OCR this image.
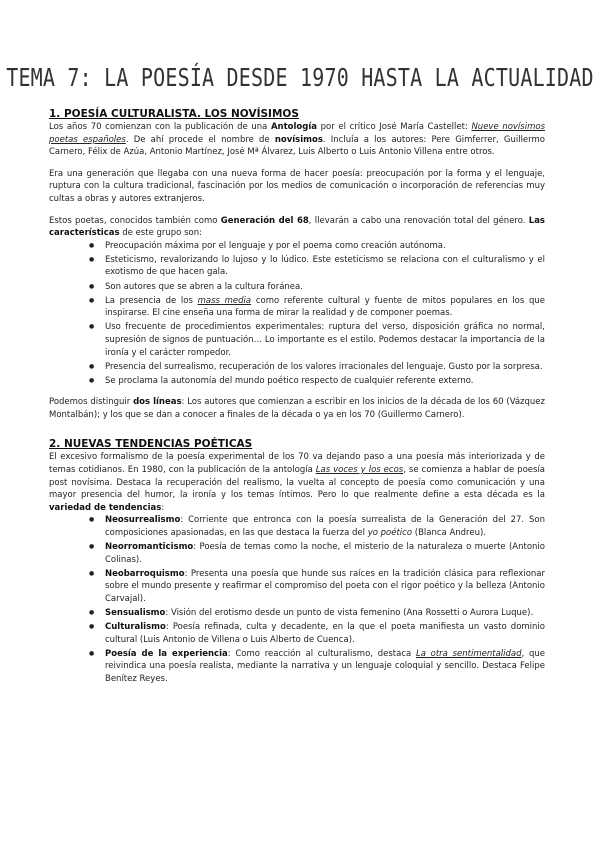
TEMA 7: LA POESÍA DESDE 1970 HASTA LA ACTUALIDAD
1. POESÍA CULTURALISTA. LOS NOVÍSIMOS

Los años 70 comienzan con la publicación de una Antología por el crítico José María Castellet: Nueve novísimos poetas españoles. De ahí procede el nombre de novísimos. Incluía a los autores: Pere Gimferrer, Guillermo Carnero, Félix de Azúa, Antonio Martínez, José Mª Álvarez, Luis Alberto o Luis Antonio Villena entre otros.

Era una generación que llegaba con una nueva forma de hacer poesía: preocupación por la forma y el lenguaje, ruptura con la cultura tradicional, fascinación por los medios de comunicación o incorporación de referencias muy cultas a obras y autores extranjeros.

Estos poetas, conocidos también como Generación del 68, llevarán a cabo una renovación total del género. Las características de este grupo son:

● Preocupación máxima por el lenguaje y por el poema como creación autónoma.
● Esteticismo, revalorizando lo lujoso y lo lúdico. Este esteticismo se relaciona con el culturalismo y el exotismo de que hacen gala.
● Son autores que se abren a la cultura foránea.
● La presencia de los mass media como referente cultural y fuente de mitos populares en los que inspirarse. El cine enseña una forma de mirar la realidad y de componer poemas.
● Uso frecuente de procedimientos experimentales: ruptura del verso, disposición gráfica no normal, supresión de signos de puntuación… Lo importante es el estilo. Podemos destacar la importancia de la ironía y el carácter rompedor.
● Presencia del surrealismo, recuperación de los valores irracionales del lenguaje. Gusto por la sorpresa.
● Se proclama la autonomía del mundo poético respecto de cualquier referente externo.

Podemos distinguir dos líneas: Los autores que comienzan a escribir en los inicios de la década de los 60 (Vázquez Montalbán); y los que se dan a conocer a finales de la década o ya en los 70 (Guillermo Carnero).

2. NUEVAS TENDENCIAS POÉTICAS

El excesivo formalismo de la poesía experimental de los 70 va dejando paso a una poesía más interiorizada y de temas cotidianos. En 1980, con la publicación de la antología Las voces y los ecos, se comienza a hablar de poesía post novísima. Destaca la recuperación del realismo, la vuelta al concepto de poesía como comunicación y una mayor presencia del humor, la ironía y los temas íntimos. Pero lo que realmente define a esta década es la variedad de tendencias:

● Neosurrealismo: Corriente que entronca con la poesía surrealista de la Generación del 27. Son composiciones apasionadas, en las que destaca la fuerza del yo poético (Blanca Andreu).
● Neorromanticismo: Poesía de temas como la noche, el misterio de la naturaleza o muerte (Antonio Colinas).
● Neobarroquismo: Presenta una poesía que hunde sus raíces en la tradición clásica para reflexionar sobre el mundo presente y reafirmar el compromiso del poeta con el rigor poético y la belleza (Antonio Carvajal).
● Sensualismo: Visión del erotismo desde un punto de vista femenino (Ana Rossetti o Aurora Luque).
● Culturalismo: Poesía refinada, culta y decadente, en la que el poeta manifiesta un vasto dominio cultural (Luis Antonio de Villena o Luis Alberto de Cuenca).
● Poesía de la experiencia: Como reacción al culturalismo, destaca La otra sentimentalidad, que reivindica una poesía realista, mediante la narrativa y un lenguaje coloquial y sencillo. Destaca Felipe Benítez Reyes.
